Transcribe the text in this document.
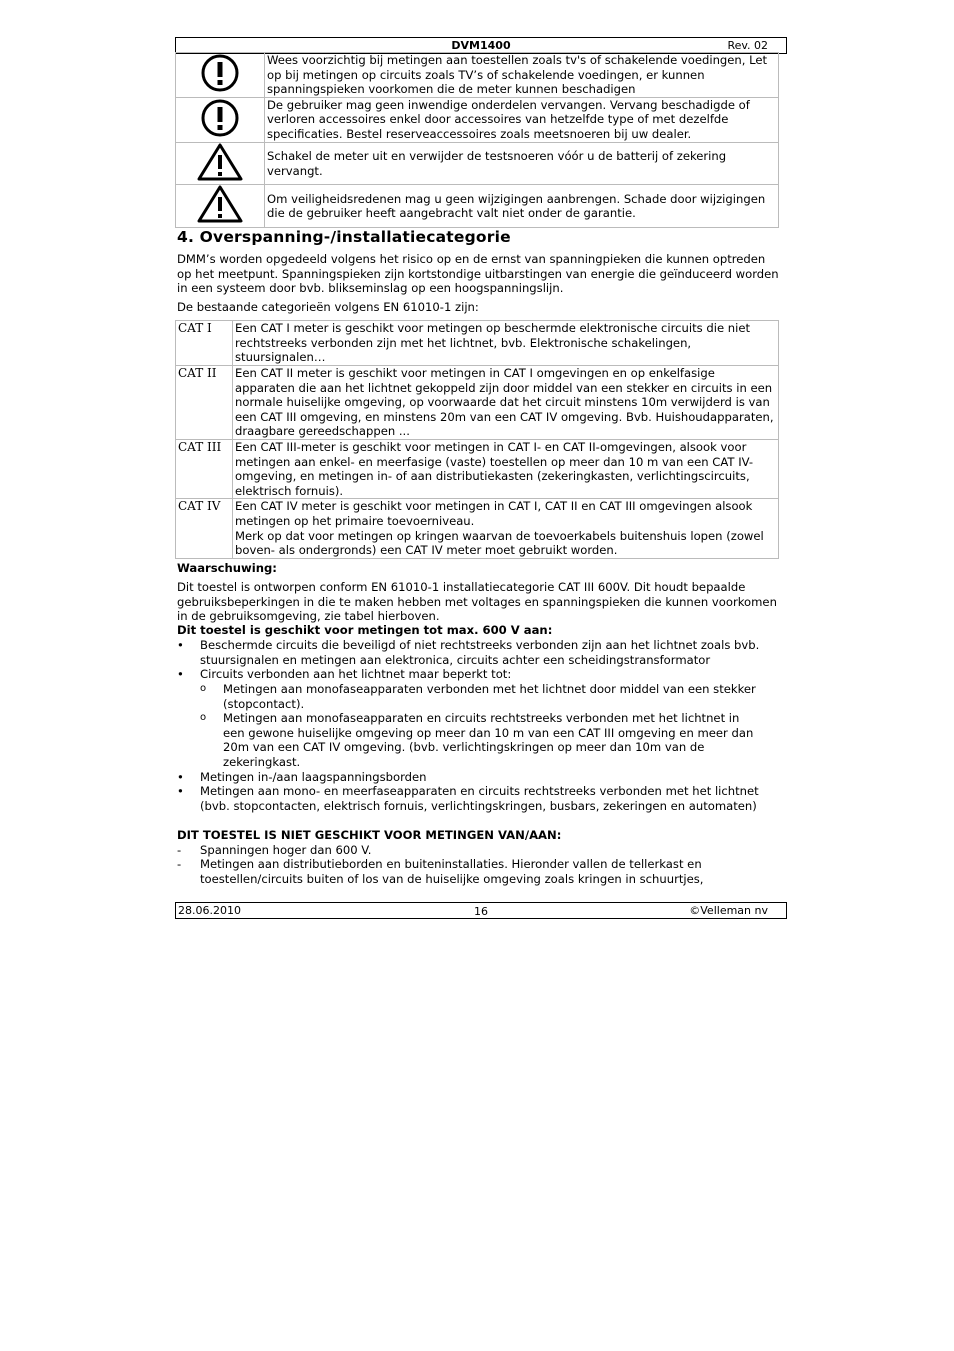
DVM1400	Rev. 02
	Wees voorzichtig bij metingen aan toestellen zoals tv's of schakelende voedingen, Let op bij metingen op circuits zoals TV’s of schakelende voedingen, er kunnen spanningspieken voorkomen die de meter kunnen beschadigen
	De gebruiker mag geen inwendige onderdelen vervangen. Vervang beschadigde of verloren accessoires enkel door accessoires van hetzelfde type of met dezelfde specificaties. Bestel reserveaccessoires zoals meetsnoeren bij uw dealer.
	Schakel de meter uit en verwijder de testsnoeren vóór u de batterij of zekering vervangt.
	Om veiligheidsredenen mag u geen wijzigingen aanbrengen. Schade door wijzigingen die de gebruiker heeft aangebracht valt niet onder de garantie.
4. Overspanning-/installatiecategorie
DMM’s worden opgedeeld volgens het risico op en de ernst van spanningpieken die kunnen optreden op het meetpunt. Spanningspieken zijn kortstondige uitbarstingen van energie die geïnduceerd worden in een systeem door bvb. blikseminslag op een hoogspanningslijn.
De bestaande categorieën volgens EN 61010-1 zijn:
CAT I	Een CAT I meter is geschikt voor metingen op beschermde elektronische circuits die niet rechtstreeks verbonden zijn met het lichtnet, bvb. Elektronische schakelingen, stuursignalen…
CAT II	Een CAT II meter is geschikt voor metingen in CAT I omgevingen en op enkelfasige apparaten die aan het lichtnet gekoppeld zijn door middel van een stekker en circuits in een normale huiselijke omgeving, op voorwaarde dat het circuit minstens 10m verwijderd is van een CAT III omgeving, en minstens 20m van een CAT IV omgeving. Bvb. Huishoudapparaten, draagbare gereedschappen ...
CAT III	Een CAT III-meter is geschikt voor metingen in CAT I- en CAT II-omgevingen, alsook voor metingen aan enkel- en meerfasige (vaste) toestellen op meer dan 10 m van een CAT IV-omgeving, en metingen in- of aan distributiekasten (zekeringkasten, verlichtingscircuits, elektrisch fornuis).
CAT IV	Een CAT IV meter is geschikt voor metingen in CAT I, CAT II en CAT III omgevingen alsook metingen op het primaire toevoerniveau.
Merk op dat voor metingen op kringen waarvan de toevoerkabels buitenshuis lopen (zowel boven- als ondergronds) een CAT IV meter moet gebruikt worden.
Waarschuwing:
Dit toestel is ontworpen conform EN 61010-1 installatiecategorie CAT III 600V. Dit houdt bepaalde gebruiksbeperkingen in die te maken hebben met voltages en spanningspieken die kunnen voorkomen in de gebruiksomgeving, zie tabel hierboven.
Dit toestel is geschikt voor metingen tot max. 600 V aan:
• Beschermde circuits die beveiligd of niet rechtstreeks verbonden zijn aan het lichtnet zoals bvb. stuursignalen en metingen aan elektronica, circuits achter een scheidingstransformator
• Circuits verbonden aan het lichtnet maar beperkt tot:
o Metingen aan monofaseapparaten verbonden met het lichtnet door middel van een stekker (stopcontact).
o Metingen aan monofaseapparaten en circuits rechtstreeks verbonden met het lichtnet in een gewone huiselijke omgeving op meer dan 10 m van een CAT III omgeving en meer dan 20m van een CAT IV omgeving. (bvb. verlichtingskringen op meer dan 10m van de zekeringkast.
• Metingen in-/aan laagspanningsborden
• Metingen aan mono- en meerfaseapparaten en circuits rechtstreeks verbonden met het lichtnet (bvb. stopcontacten, elektrisch fornuis, verlichtingskringen, busbars, zekeringen en automaten)
DIT TOESTEL IS NIET GESCHIKT VOOR METINGEN VAN/AAN:
- Spanningen hoger dan 600 V.
- Metingen aan distributieborden en buiteninstallaties. Hieronder vallen de tellerkast en toestellen/circuits buiten of los van de huiselijke omgeving zoals kringen in schuurtjes,
28.06.2010	16	©Velleman nv
